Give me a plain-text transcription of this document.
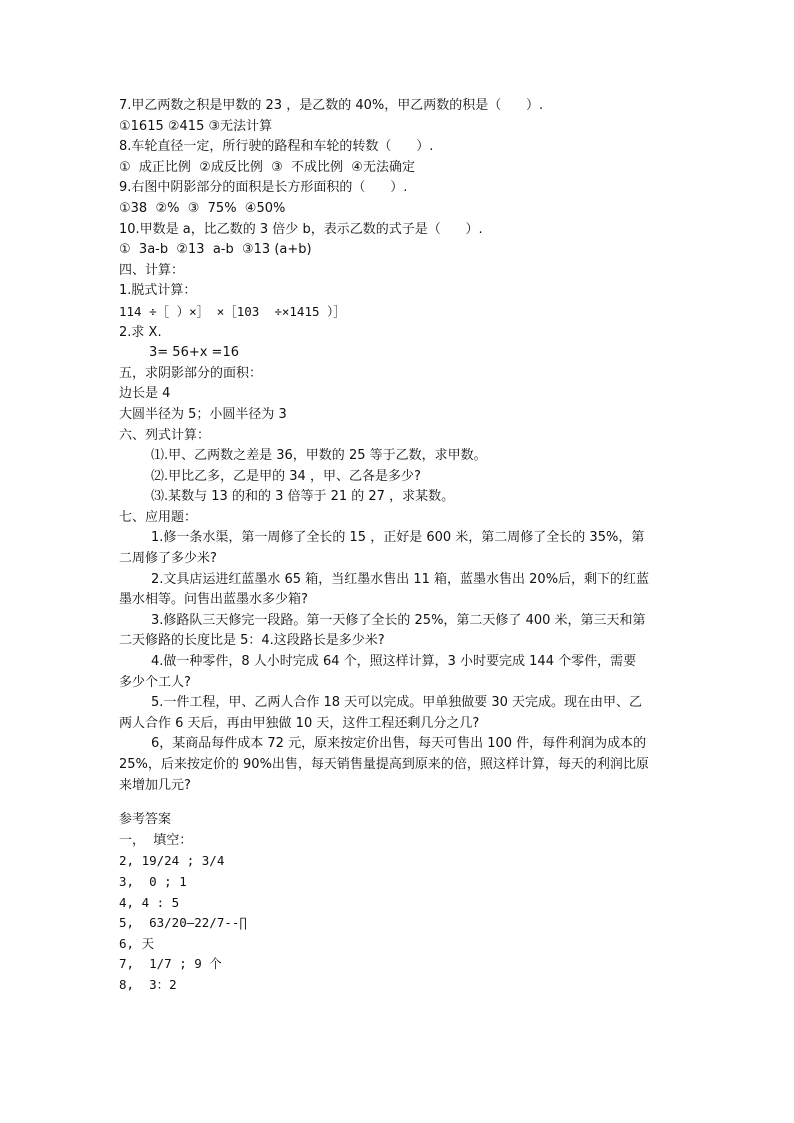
7.甲乙两数之积是甲数的 23 ，是乙数的 40%，甲乙两数的积是（      ）.
①1615 ②415 ③无法计算
8.车轮直径一定，所行驶的路程和车轮的转数（      ）.
①  成正比例  ②成反比例  ③  不成比例  ④无法确定
9.右图中阴影部分的面积是长方形面积的（      ）.
①38  ②%  ③  75%  ④50%
10.甲数是 a，比乙数的 3 倍少 b，表示乙数的式子是（      ）.
①  3a-b  ②13  a-b  ③13 (a+b)
四、计算：
1.脱式计算：
114 ÷［ ）×］ ×［103  ÷×1415 ）］
2.求 X.
3= 56+x =16
五，求阴影部分的面积：
边长是 4
大圆半径为 5；小圆半径为 3
六、列式计算：
⑴.甲、乙两数之差是 36，甲数的 25 等于乙数，求甲数。
⑵.甲比乙多，乙是甲的 34 ，甲、乙各是多少?
⑶.某数与 13 的和的 3 倍等于 21 的 27 ，求某数。
七、应用题：
1.修一条水渠，第一周修了全长的 15 ，正好是 600 米，第二周修了全长的 35%，第
二周修了多少米?
2.文具店运进红蓝墨水 65 箱，当红墨水售出 11 箱，蓝墨水售出 20%后，剩下的红蓝
墨水相等。问售出蓝墨水多少箱?
3.修路队三天修完一段路。第一天修了全长的 25%，第二天修了 400 米，第三天和第
二天修路的长度比是 5：4.这段路长是多少米?
4.做一种零件，8 人小时完成 64 个，照这样计算，3 小时要完成 144 个零件，需要
多少个工人?
5.一件工程，甲、乙两人合作 18 天可以完成。甲单独做要 30 天完成。现在由甲、乙
两人合作 6 天后，再由甲独做 10 天，这件工程还剩几分之几?
6，某商品每件成本 72 元，原来按定价出售，每天可售出 100 件，每件利润为成本的
25%，后来按定价的 90%出售，每天销售量提高到原来的倍，照这样计算，每天的利润比原
来增加几元?
参考答案
一，  填空：
2, 19/24 ; 3/4
3,  0 ; 1
4, 4 : 5
5,  63/20—22/7--∏
6, 天
7,  1/7 ; 9 个
8,  3：2
